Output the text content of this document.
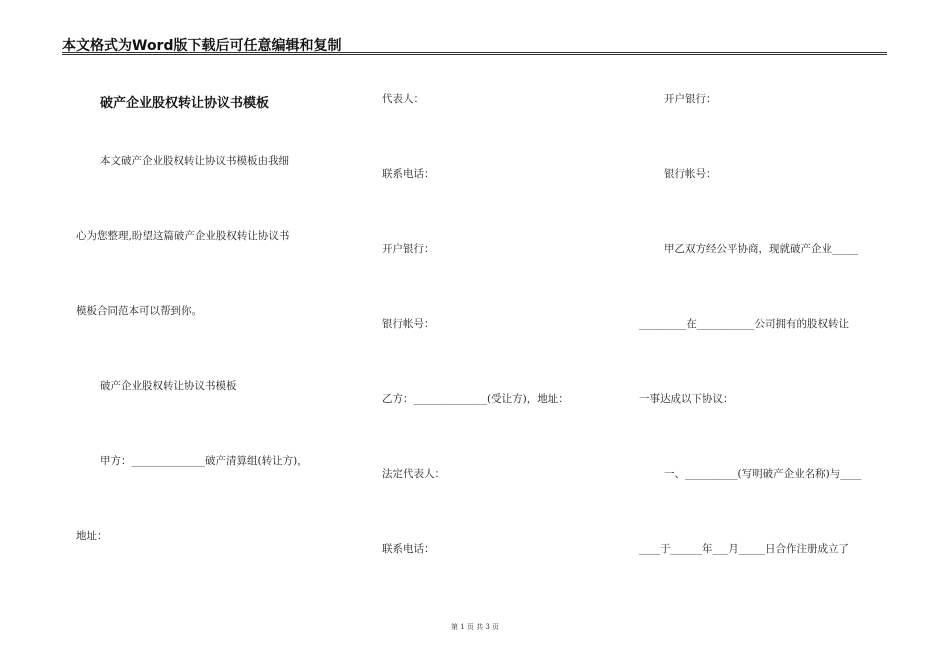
本文格式为Word版下载后可任意编辑和复制
破产企业股权转让协议书模板
本文破产企业股权转让协议书模板由我细
心为您整理,盼望这篇破产企业股权转让协议书
模板合同范本可以帮到你。
破产企业股权转让协议书模板
甲方：______________破产清算组(转让方)，
地址：
代表人：
联系电话：
开户银行：
银行帐号：
乙方：______________(受让方)，地址：
法定代表人：
联系电话：
开户银行：
银行帐号：
甲乙双方经公平协商，现就破产企业_____
_________在___________公司拥有的股权转让
一事达成以下协议：
一、__________(写明破产企业名称)与____
____于______年___月_____日合作注册成立了
第 1 页 共 3 页
